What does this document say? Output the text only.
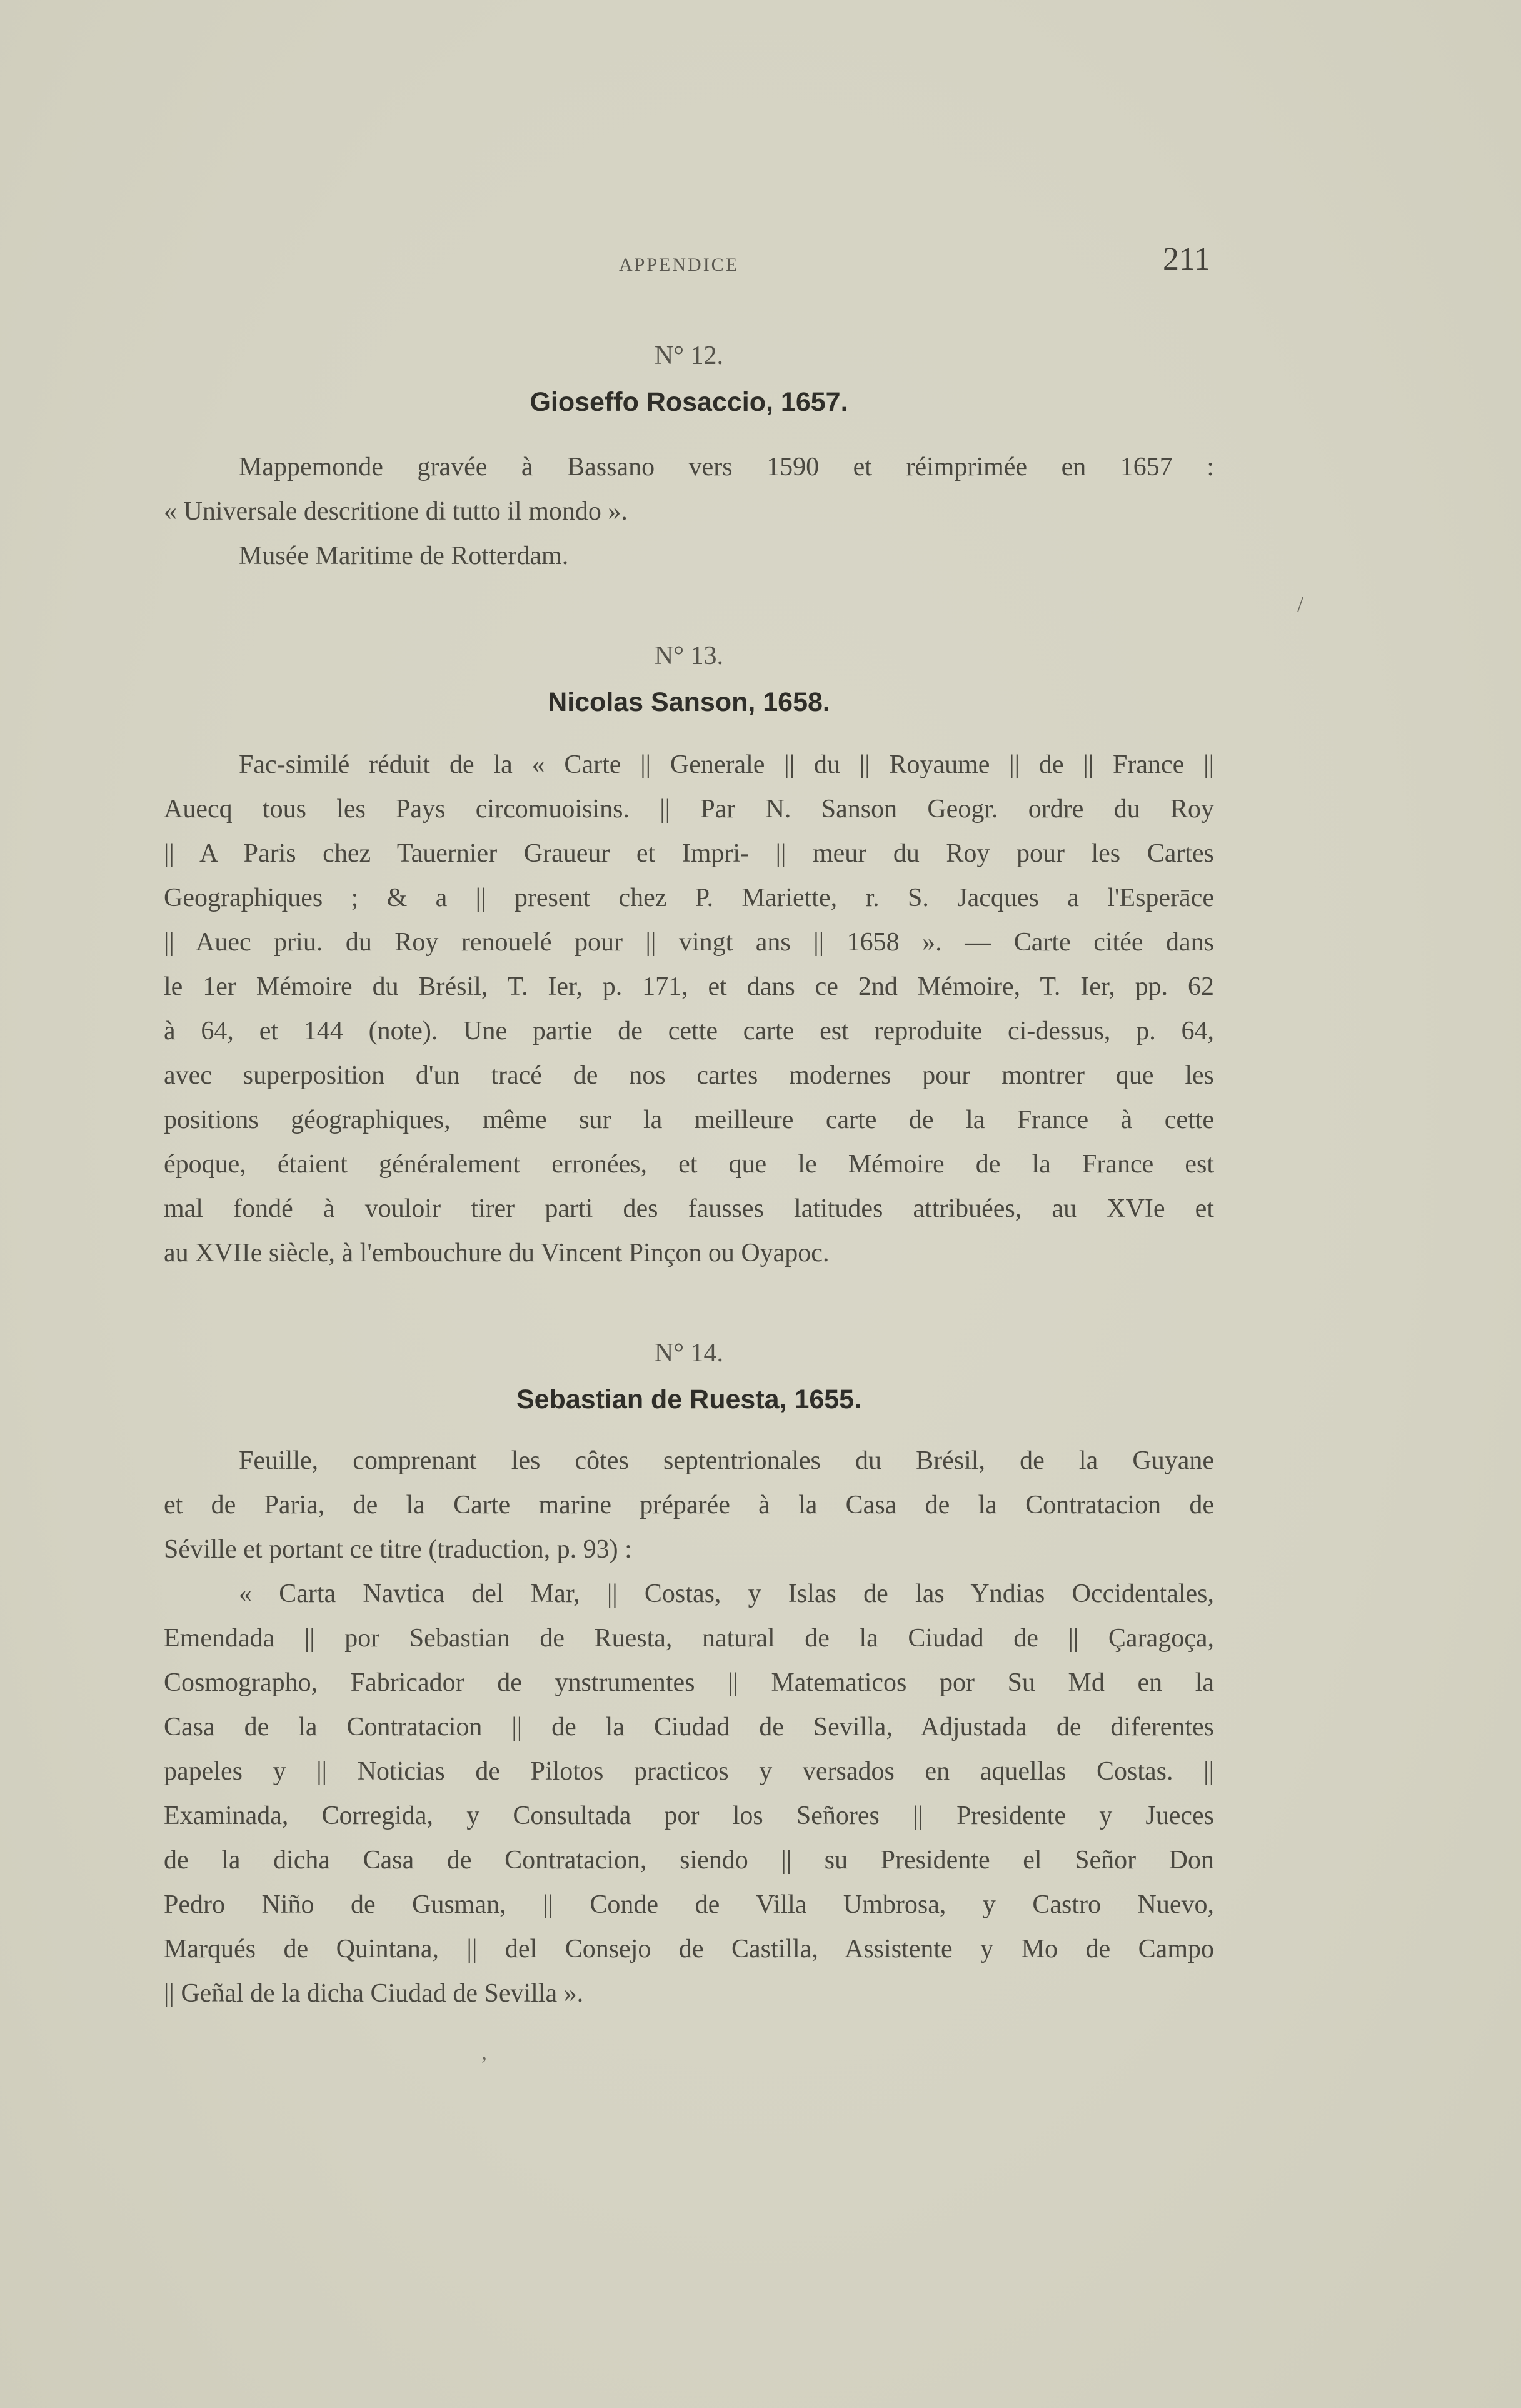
APPENDICE	211

N° 12.

Gioseffo Rosaccio, 1657.

Mappemonde gravée à Bassano vers 1590 et réimprimée en 1657 :
« Universale descritione di tutto il mondo ».
Musée Maritime de Rotterdam.

N° 13.

Nicolas Sanson, 1658.

Fac-similé réduit de la « Carte || Generale || du || Royaume || de || France ||
Auecq tous les Pays circomuoisins. || Par N. Sanson Geogr. ordre du Roy
|| A Paris chez Tauernier Graueur et Impri- || meur du Roy pour les Cartes
Geographiques ; & a || present chez P. Mariette, r. S. Jacques a l'Esperāce
|| Auec priu. du Roy renouelé pour || vingt ans || 1658 ». — Carte citée dans
le 1er Mémoire du Brésil, T. Ier, p. 171, et dans ce 2nd Mémoire, T. Ier, pp. 62
à 64, et 144 (note). Une partie de cette carte est reproduite ci-dessus, p. 64,
avec superposition d'un tracé de nos cartes modernes pour montrer que les
positions géographiques, même sur la meilleure carte de la France à cette
époque, étaient généralement erronées, et que le Mémoire de la France est
mal fondé à vouloir tirer parti des fausses latitudes attribuées, au XVIe et
au XVIIe siècle, à l'embouchure du Vincent Pinçon ou Oyapoc.

N° 14.

Sebastian de Ruesta, 1655.

Feuille, comprenant les côtes septentrionales du Brésil, de la Guyane
et de Paria, de la Carte marine préparée à la Casa de la Contratacion de
Séville et portant ce titre (traduction, p. 93) :
« Carta Navtica del Mar, || Costas, y Islas de las Yndias Occidentales,
Emendada || por Sebastian de Ruesta, natural de la Ciudad de || Çaragoça,
Cosmographo, Fabricador de ynstrumentes || Matematicos por Su Md en la
Casa de la Contratacion || de la Ciudad de Sevilla, Adjustada de diferentes
papeles y || Noticias de Pilotos practicos y versados en aquellas Costas. ||
Examinada, Corregida, y Consultada por los Señores || Presidente y Jueces
de la dicha Casa de Contratacion, siendo || su Presidente el Señor Don
Pedro Niño de Gusman, || Conde de Villa Umbrosa, y Castro Nuevo,
Marqués de Quintana, || del Consejo de Castilla, Assistente y Mo de Campo
|| Geñal de la dicha Ciudad de Sevilla ».
/
,
